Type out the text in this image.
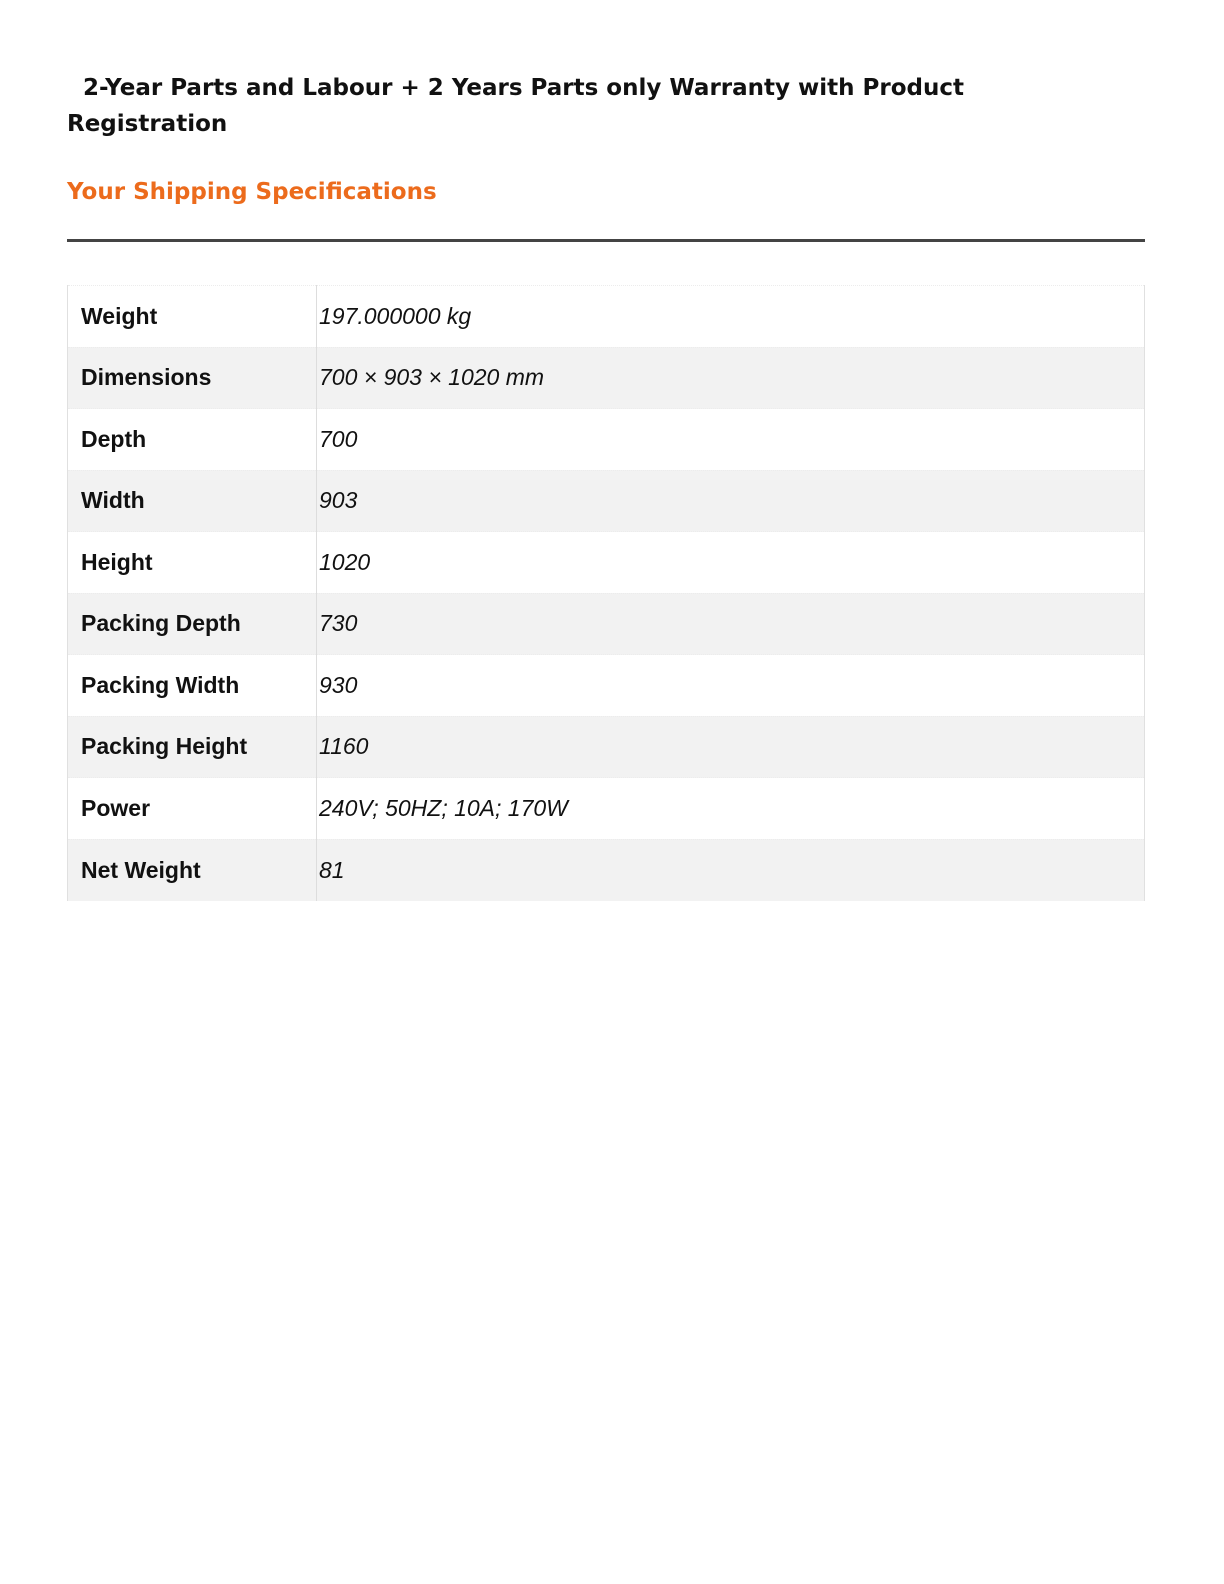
2-Year Parts and Labour + 2 Years Parts only Warranty with Product Registration
Your Shipping Specifications
Weight	197.000000 kg
Dimensions	700 × 903 × 1020 mm
Depth	700
Width	903
Height	1020
Packing Depth	730
Packing Width	930
Packing Height	1160
Power	240V; 50HZ; 10A; 170W
Net Weight	81
